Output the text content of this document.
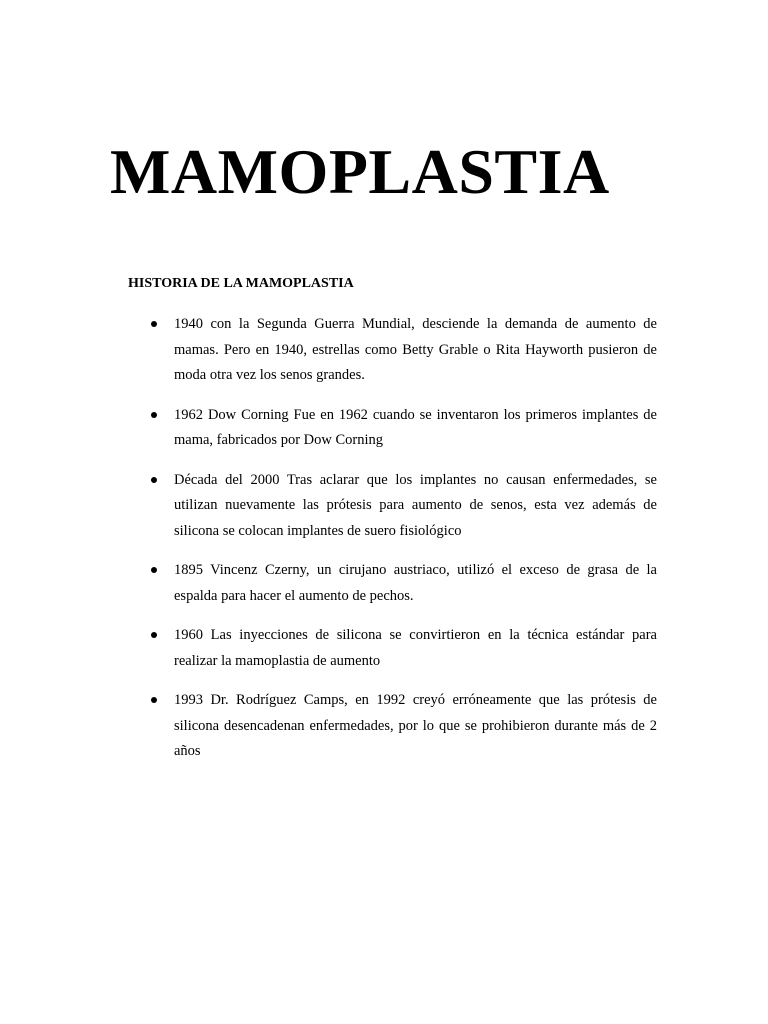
MAMOPLASTIA
HISTORIA DE LA MAMOPLASTIA
1940 con la Segunda Guerra Mundial, desciende la demanda de aumento de mamas. Pero en 1940, estrellas como Betty Grable o Rita Hayworth pusieron de moda otra vez los senos grandes.
1962 Dow Corning Fue en 1962 cuando se inventaron los primeros implantes de mama, fabricados por Dow Corning
Década del 2000 Tras aclarar que los implantes no causan enfermedades, se utilizan nuevamente las prótesis para aumento de senos, esta vez además de silicona se colocan implantes de suero fisiológico
1895 Vincenz Czerny, un cirujano austriaco, utilizó el exceso de grasa de la espalda para hacer el aumento de pechos.
1960 Las inyecciones de silicona se convirtieron en la técnica estándar para realizar la mamoplastia de aumento
1993 Dr. Rodríguez Camps, en 1992 creyó erróneamente que las prótesis de silicona desencadenan enfermedades, por lo que se prohibieron durante más de 2 años
